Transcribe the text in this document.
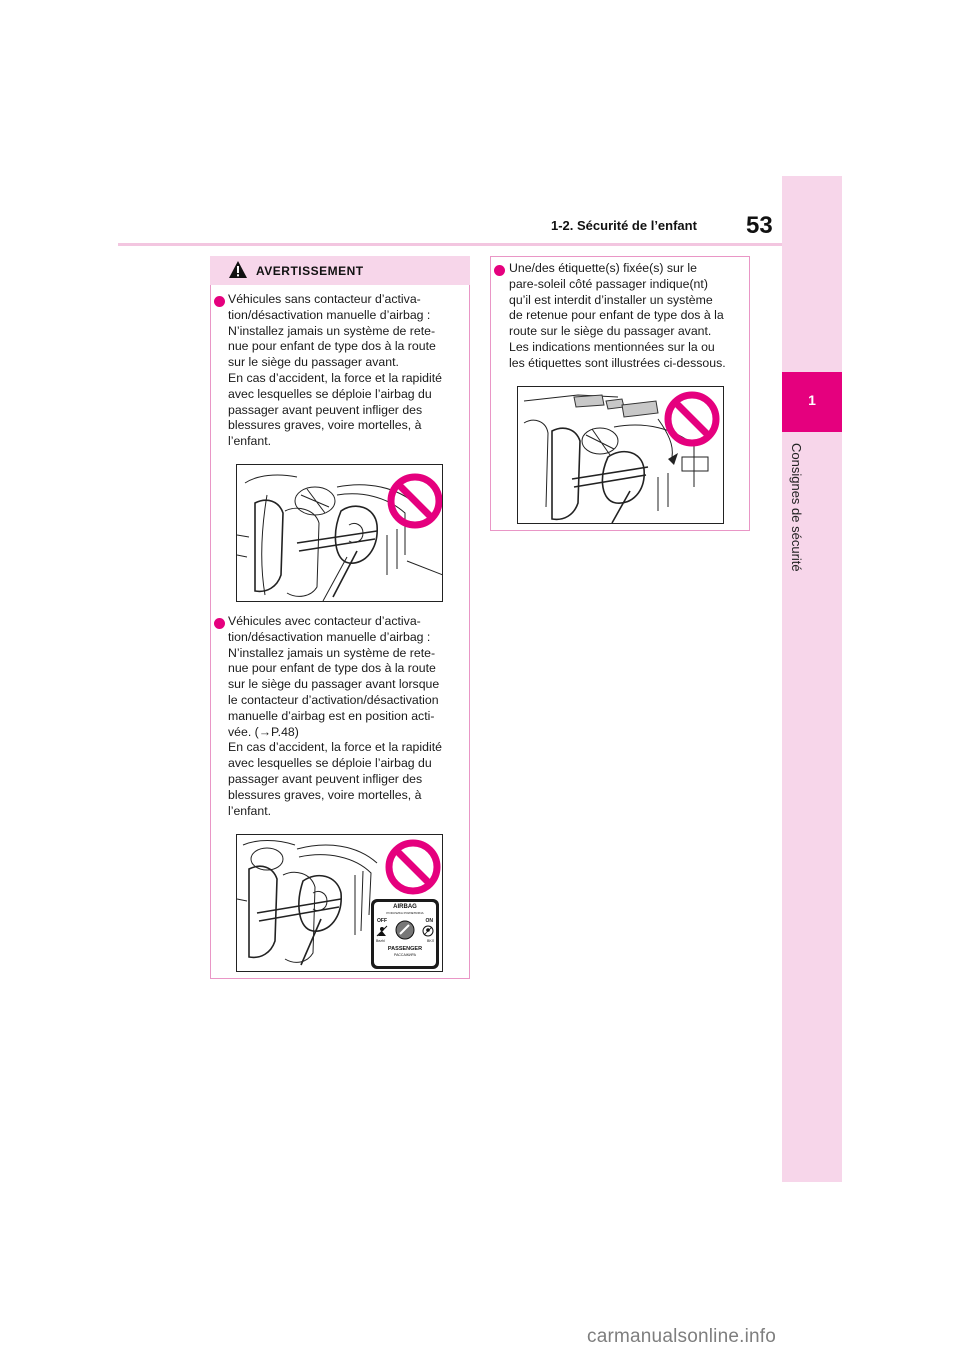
1-2. Sécurité de l’enfant 53
1
Consignes de sécurité
AVERTISSEMENT
Véhicules sans contacteur d’activa-
tion/désactivation manuelle d’airbag :
N’installez jamais un système de rete-
nue pour enfant de type dos à la route
sur le siège du passager avant.
En cas d’accident, la force et la rapidité
avec lesquelles se déploie l’airbag du
passager avant peuvent infliger des
blessures graves, voire mortelles, à
l’enfant.
Véhicules avec contacteur d’activa-
tion/désactivation manuelle d’airbag :
N’installez jamais un système de rete-
nue pour enfant de type dos à la route
sur le siège du passager avant lorsque
le contacteur d’activation/désactivation
manuelle d’airbag est en position acti-
vée. (→P.48)
En cas d’accident, la force et la rapidité
avec lesquelles se déploie l’airbag du
passager avant peuvent infliger des
blessures graves, voire mortelles, à
l’enfant.
AIRBAG
PODUSZKA POWIETRZNA
OFF	ON
Bezhl	BKЛ
PASSENGER
PACCAЖИРА
Une/des étiquette(s) fixée(s) sur le
pare-soleil côté passager indique(nt)
qu’il est interdit d’installer un système
de retenue pour enfant de type dos à la
route sur le siège du passager avant.
Les indications mentionnées sur la ou
les étiquettes sont illustrées ci-dessous.
carmanualsonline.info
